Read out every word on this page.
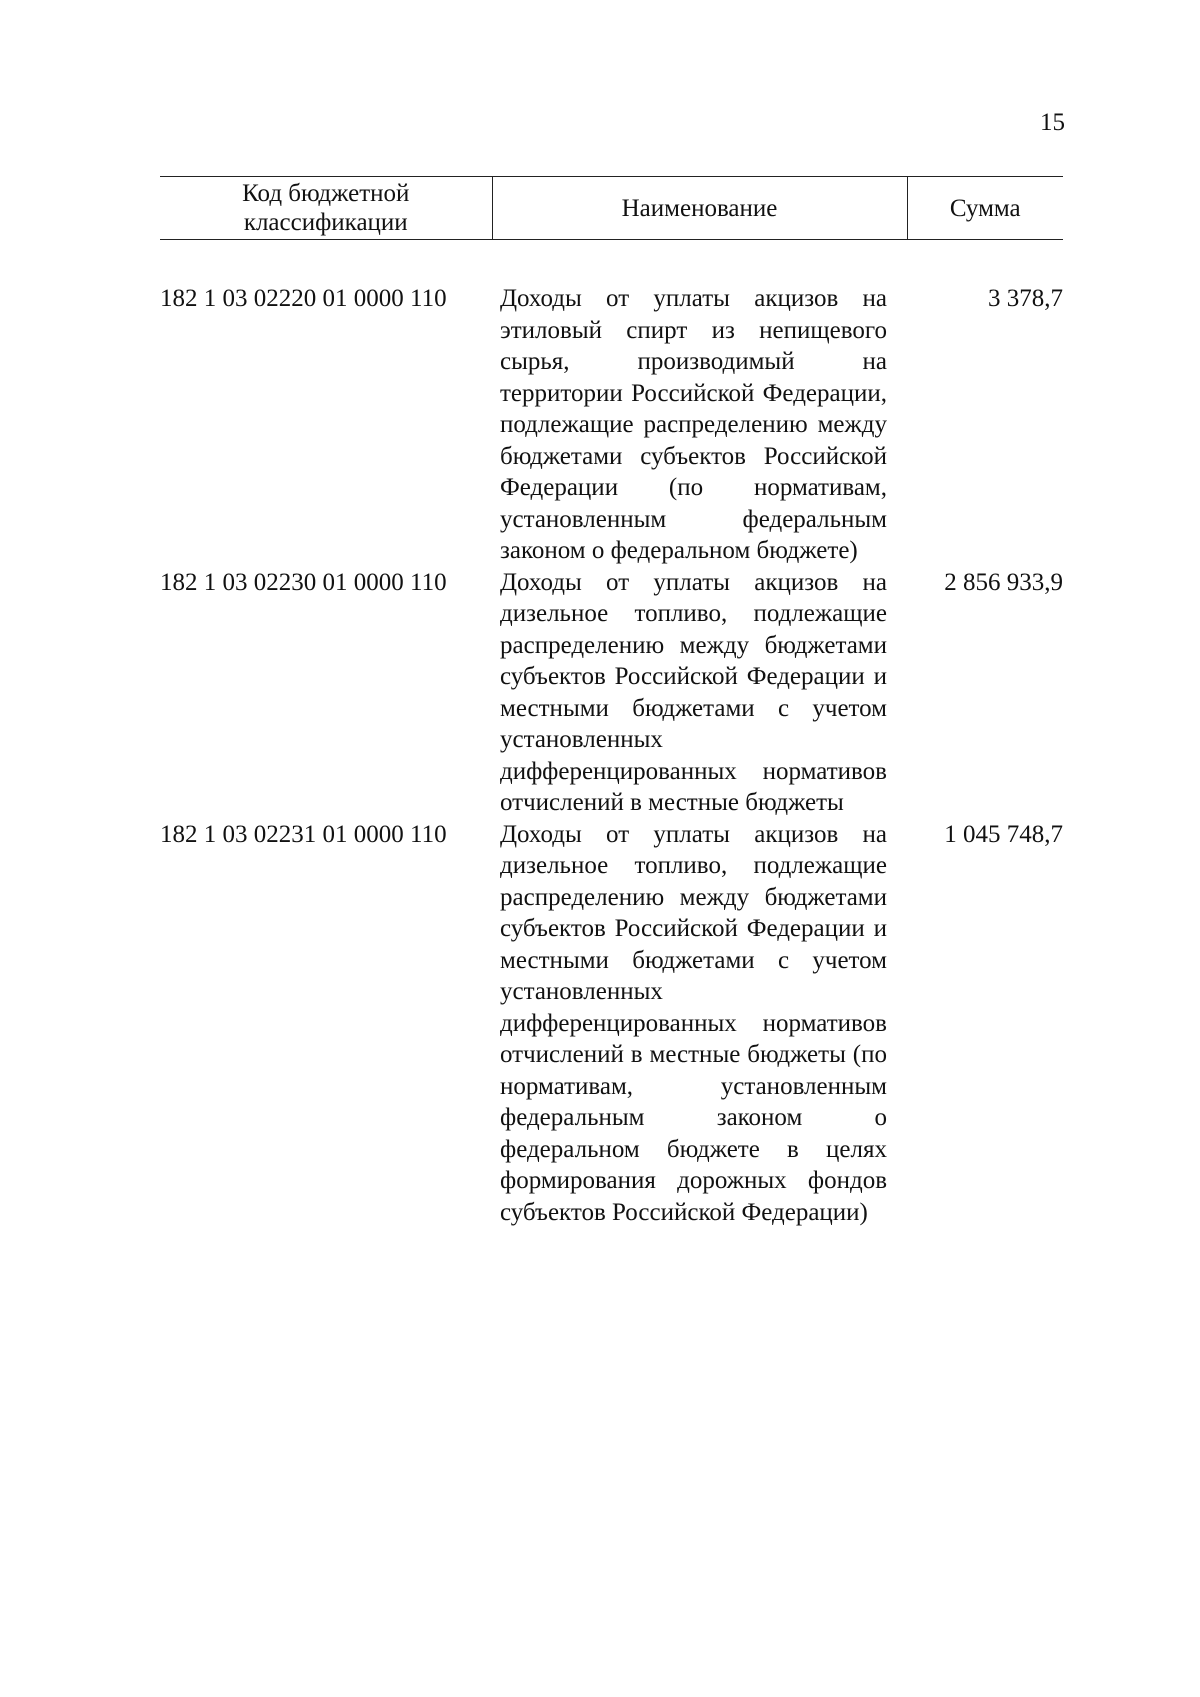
15
Код бюджетной классификации	Наименование	Сумма

182 1 03 02220 01 0000 110	Доходы от уплаты акцизов на этиловый спирт из непищевого сырья, производимый на территории Российской Федерации, подлежащие распределению между бюджетами субъектов Российской Федерации (по нормативам, установленным федеральным законом о федеральном бюджете)	3 378,7
182 1 03 02230 01 0000 110	Доходы от уплаты акцизов на дизельное топливо, подлежащие распределению между бюджетами субъектов Российской Федерации и местными бюджетами с учетом установленных дифференцированных нормативов отчислений в местные бюджеты	2 856 933,9
182 1 03 02231 01 0000 110	Доходы от уплаты акцизов на дизельное топливо, подлежащие распределению между бюджетами субъектов Российской Федерации и местными бюджетами с учетом установленных дифференцированных нормативов отчислений в местные бюджеты (по нормативам, установленным федеральным законом о федеральном бюджете в целях формирования дорожных фондов субъектов Российской Федерации)	1 045 748,7
